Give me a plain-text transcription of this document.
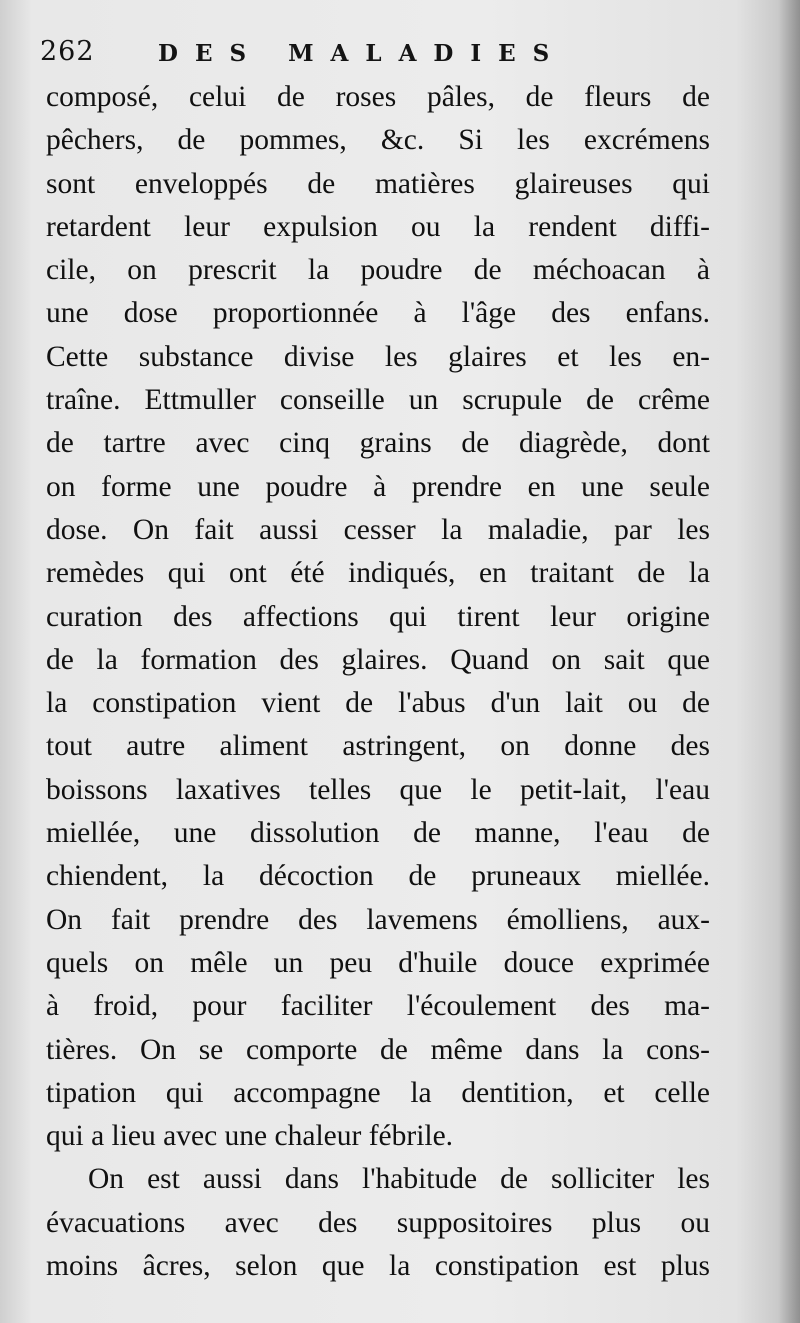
262	DES MALADIES
composé, celui de roses pâles, de fleurs de
pêchers, de pommes, &c. Si les excrémens
sont enveloppés de matières glaireuses qui
retardent leur expulsion ou la rendent diffi-
cile, on prescrit la poudre de méchoacan à
une dose proportionnée à l'âge des enfans.
Cette substance divise les glaires et les en-
traîne. Ettmuller conseille un scrupule de crême
de tartre avec cinq grains de diagrède, dont
on forme une poudre à prendre en une seule
dose. On fait aussi cesser la maladie, par les
remèdes qui ont été indiqués, en traitant de la
curation des affections qui tirent leur origine
de la formation des glaires. Quand on sait que
la constipation vient de l'abus d'un lait ou de
tout autre aliment astringent, on donne des
boissons laxatives telles que le petit-lait, l'eau
miellée, une dissolution de manne, l'eau de
chiendent, la décoction de pruneaux miellée.
On fait prendre des lavemens émolliens, aux-
quels on mêle un peu d'huile douce exprimée
à froid, pour faciliter l'écoulement des ma-
tières. On se comporte de même dans la cons-
tipation qui accompagne la dentition, et celle
qui a lieu avec une chaleur fébrile.
On est aussi dans l'habitude de solliciter les
évacuations avec des suppositoires plus ou
moins âcres, selon que la constipation est plus
